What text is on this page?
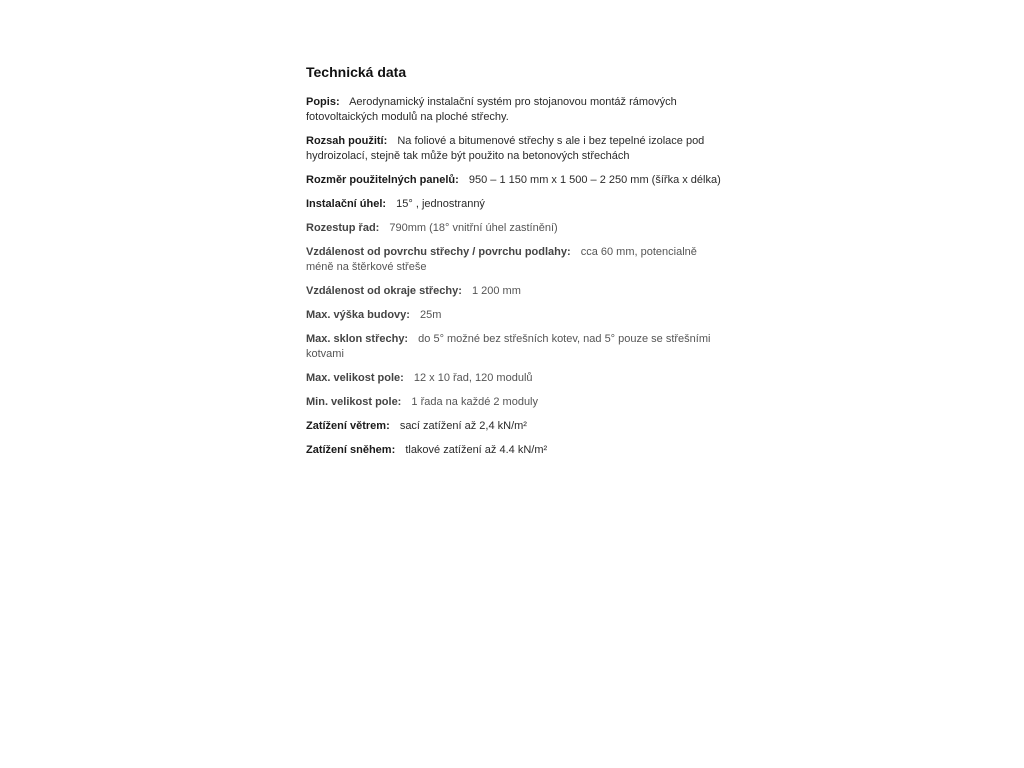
Technická data

Popis: Aerodynamický instalační systém pro stojanovou montáž rámových fotovoltaických modulů na ploché střechy.

Rozsah použití: Na foliové a bitumenové střechy s ale i bez tepelné izolace pod hydroizolací, stejně tak může být použito na betonových střechách

Rozměr použitelných panelů: 950 – 1 150 mm x 1 500 – 2 250 mm (šířka x délka)

Instalační úhel: 15° , jednostranný

Rozestup řad: 790mm (18° vnitřní úhel zastínění)

Vzdálenost od povrchu střechy / povrchu podlahy: cca 60 mm, potencialně méně na štěrkové střeše

Vzdálenost od okraje střechy: 1 200 mm

Max. výška budovy: 25m

Max. sklon střechy: do 5° možné bez střešních kotev, nad 5° pouze se střešními kotvami

Max. velikost pole: 12 x 10 řad, 120 modulů

Min. velikost pole: 1 řada na každé 2 moduly

Zatížení větrem: sací zatížení až 2,4 kN/m²

Zatížení sněhem: tlakové zatížení až 4.4 kN/m²
